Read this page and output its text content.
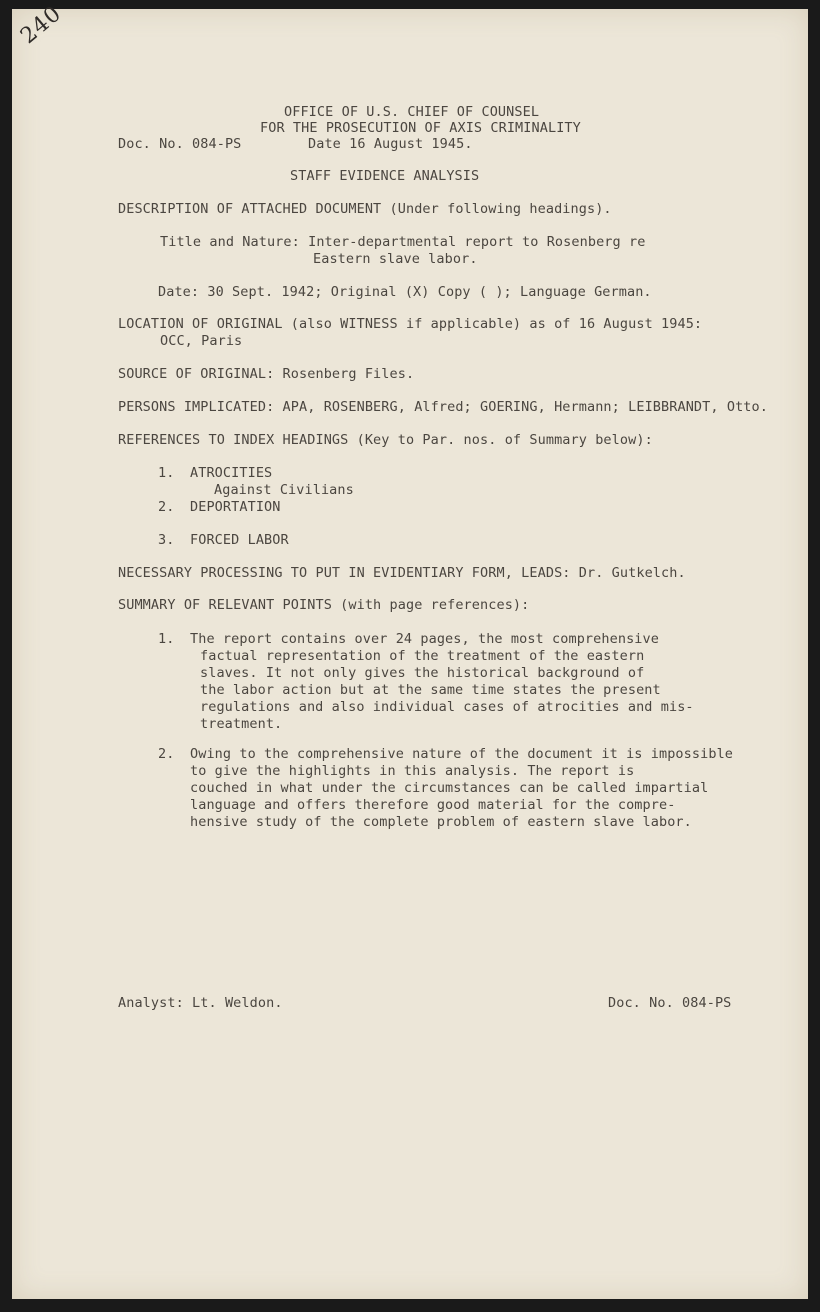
240
OFFICE OF U.S. CHIEF OF COUNSEL
FOR THE PROSECUTION OF AXIS CRIMINALITY
Doc. No. 084-PS	Date 16 August 1945.
STAFF EVIDENCE ANALYSIS
DESCRIPTION OF ATTACHED DOCUMENT (Under following headings).
Title and Nature: Inter-departmental report to Rosenberg re
Eastern slave labor.
Date: 30 Sept. 1942; Original (X) Copy ( ); Language German.
LOCATION OF ORIGINAL (also WITNESS if applicable) as of 16 August 1945:
OCC, Paris
SOURCE OF ORIGINAL: Rosenberg Files.
PERSONS IMPLICATED: APA, ROSENBERG, Alfred; GOERING, Hermann; LEIBBRANDT, Otto.
REFERENCES TO INDEX HEADINGS (Key to Par. nos. of Summary below):
1. ATROCITIES
Against Civilians
2. DEPORTATION
3. FORCED LABOR
NECESSARY PROCESSING TO PUT IN EVIDENTIARY FORM, LEADS: Dr. Gutkelch.
SUMMARY OF RELEVANT POINTS (with page references):
1. The report contains over 24 pages, the most comprehensive
factual representation of the treatment of the eastern
slaves. It not only gives the historical background of
the labor action but at the same time states the present
regulations and also individual cases of atrocities and mis-
treatment.
2. Owing to the comprehensive nature of the document it is impossible
to give the highlights in this analysis. The report is
couched in what under the circumstances can be called impartial
language and offers therefore good material for the compre-
hensive study of the complete problem of eastern slave labor.
Analyst: Lt. Weldon.	Doc. No. 084-PS
